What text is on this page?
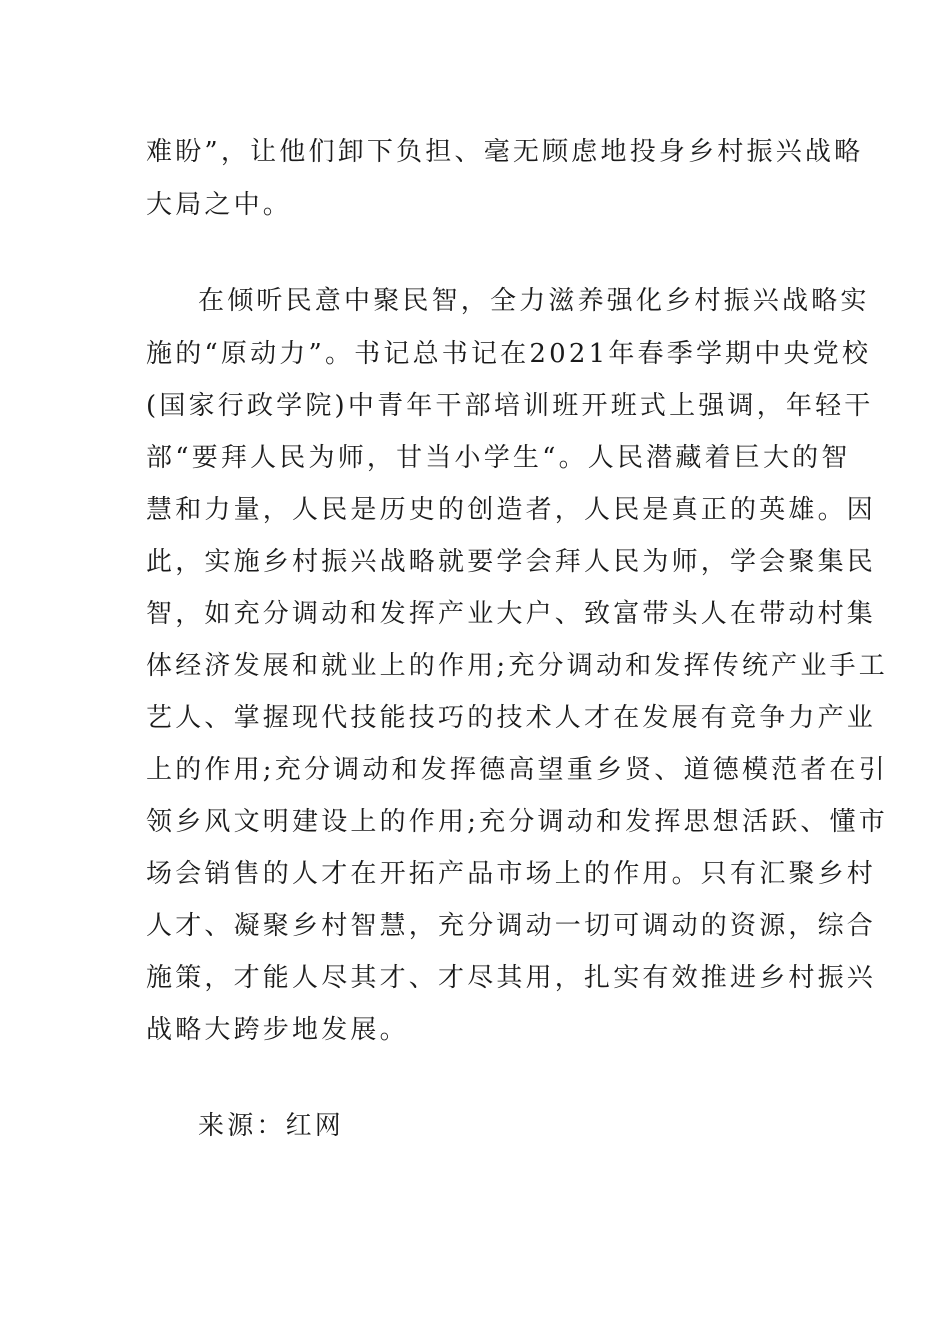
难盼”，让他们卸下负担、毫无顾虑地投身乡村振兴战略
大局之中。
在倾听民意中聚民智，全力滋养强化乡村振兴战略实
施的“原动力”。书记总书记在2021年春季学期中央党校
(国家行政学院)中青年干部培训班开班式上强调，年轻干
部“要拜人民为师，甘当小学生“。人民潜藏着巨大的智
慧和力量，人民是历史的创造者，人民是真正的英雄。因
此，实施乡村振兴战略就要学会拜人民为师，学会聚集民
智，如充分调动和发挥产业大户、致富带头人在带动村集
体经济发展和就业上的作用;充分调动和发挥传统产业手工
艺人、掌握现代技能技巧的技术人才在发展有竞争力产业
上的作用;充分调动和发挥德高望重乡贤、道德模范者在引
领乡风文明建设上的作用;充分调动和发挥思想活跃、懂市
场会销售的人才在开拓产品市场上的作用。只有汇聚乡村
人才、凝聚乡村智慧，充分调动一切可调动的资源，综合
施策，才能人尽其才、才尽其用，扎实有效推进乡村振兴
战略大跨步地发展。
来源：红网
